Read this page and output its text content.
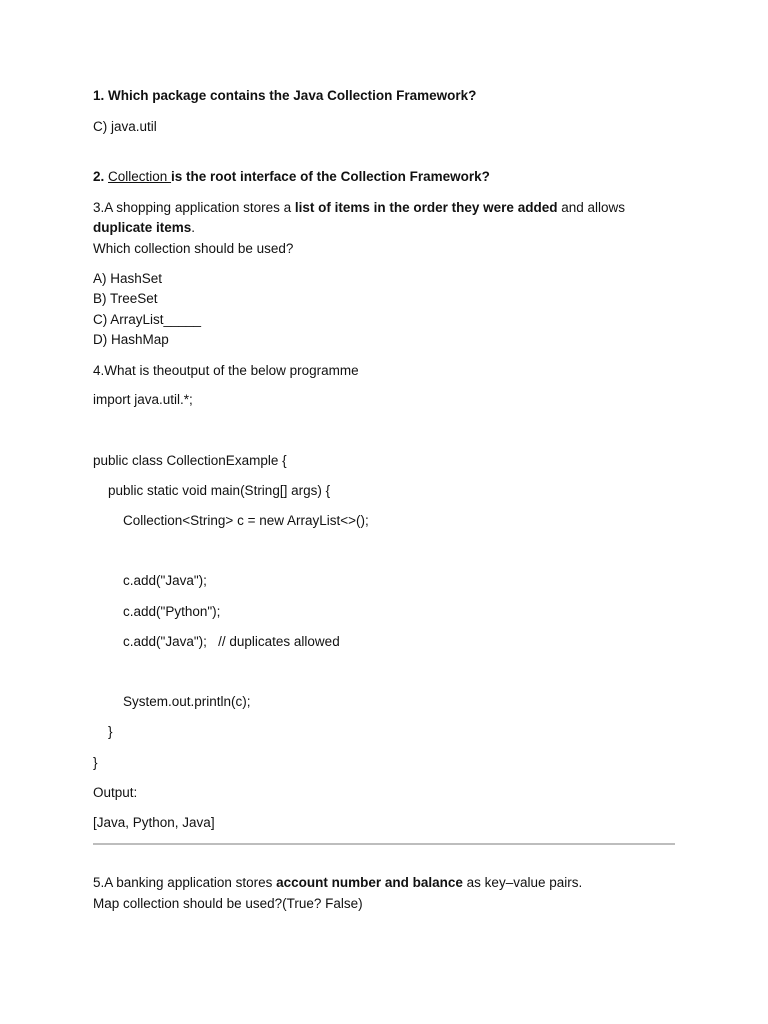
1. Which package contains the Java Collection Framework?
C) java.util
2. Collection is the root interface of the Collection Framework?
3.A shopping application stores a list of items in the order they were added and allows
duplicate items.
Which collection should be used?
A) HashSet
B) TreeSet
C) ArrayList_____
D) HashMap
4.What is theoutput of the below programme
import java.util.*;
public class CollectionExample {
public static void main(String[] args) {
Collection<String> c = new ArrayList<>();
c.add("Java");
c.add("Python");
c.add("Java");   // duplicates allowed
System.out.println(c);
}
}
Output:
[Java, Python, Java]
5.A banking application stores account number and balance as key–value pairs.
Map collection should be used?(True? False)
